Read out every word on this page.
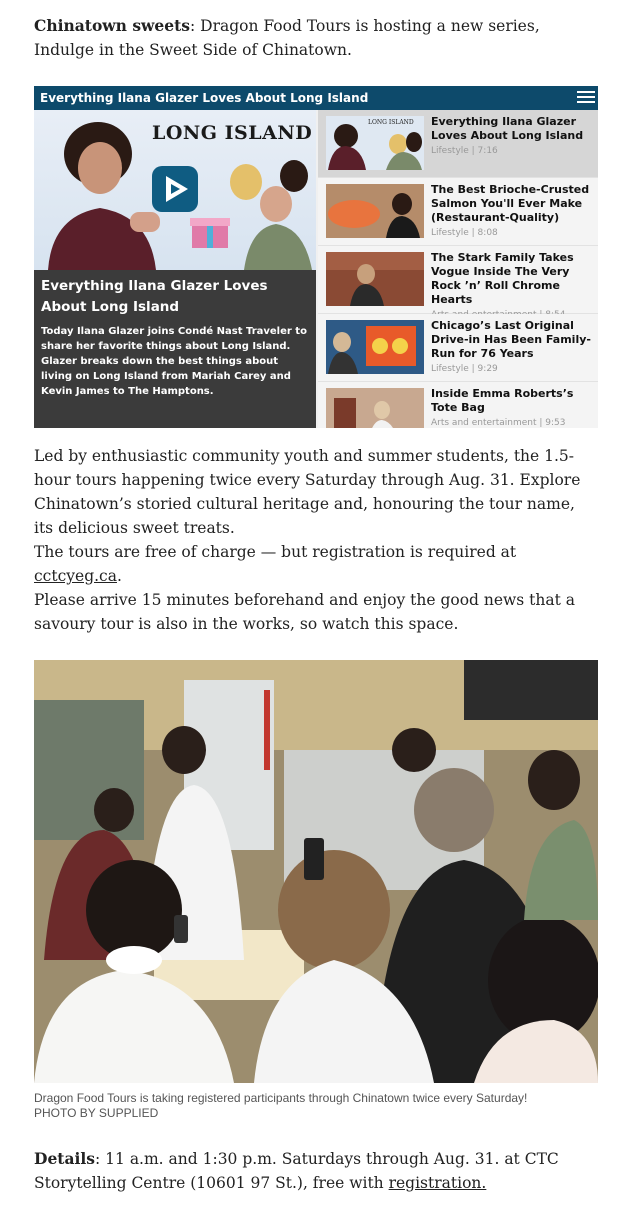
Chinatown sweets: Dragon Food Tours is hosting a new series, Indulge in the Sweet Side of Chinatown.

Everything Ilana Glazer Loves About Long Island
LONG ISLAND
Everything Ilana Glazer Loves About Long Island
Today Ilana Glazer joins Condé Nast Traveler to share her favorite things about Long Island. Glazer breaks down the best things about living on Long Island from Mariah Carey and Kevin James to The Hamptons.
LONG ISLAND Everything Ilana Glazer Loves About Long Island
Lifestyle | 7:16
The Best Brioche-Crusted Salmon You'll Ever Make (Restaurant-Quality)
Lifestyle | 8:08
The Stark Family Takes Vogue Inside The Very Rock ’n’ Roll Chrome Hearts

Chicago’s Last Original Drive-in Has Been Family-Run for 76 Years
Lifestyle | 9:29
Inside Emma Roberts’s Tote Bag
Arts and entertainment | 9:53

Led by enthusiastic community youth and summer students, the 1.5-hour tours happening twice every Saturday through Aug. 31. Explore Chinatown’s storied cultural heritage and, honouring the tour name, its delicious sweet treats.

The tours are free of charge — but registration is required at cctcyeg.ca.

Please arrive 15 minutes beforehand and enjoy the good news that a savoury tour is also in the works, so watch this space.

Dragon Food Tours is taking registered participants through Chinatown twice every Saturday!
PHOTO BY SUPPLIED

Details: 11 a.m. and 1:30 p.m. Saturdays through Aug. 31. at CTC Storytelling Centre (10601 97 St.), free with registration.
